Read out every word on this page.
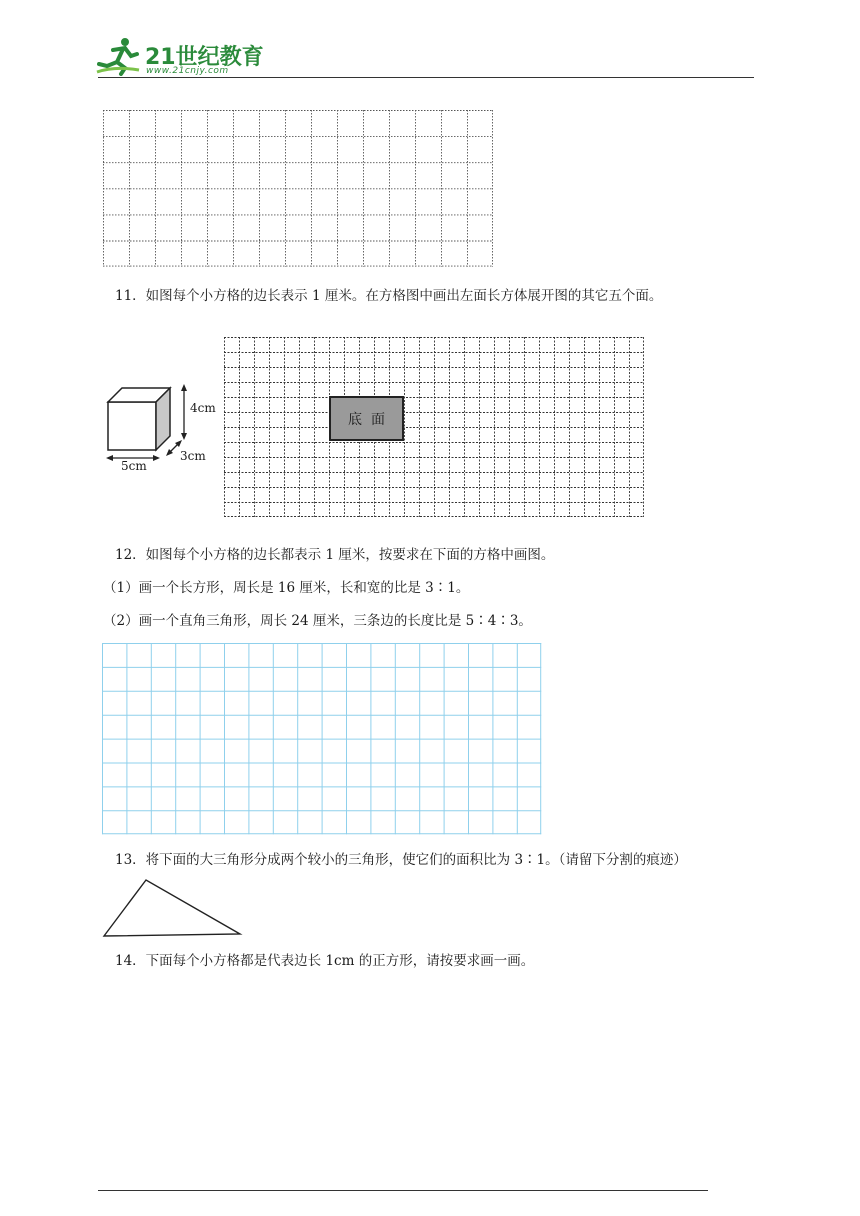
21世纪教育
www.21cnjy.com
11．如图每个小方格的边长表示 1 厘米。在方格图中画出左面长方体展开图的其它五个面。
4cm
5cm
3cm
底  面
12．如图每个小方格的边长都表示 1 厘米，按要求在下面的方格中画图。
（1）画一个长方形，周长是 16 厘米，长和宽的比是 3∶1。
（2）画一个直角三角形，周长 24 厘米，三条边的长度比是 5∶4∶3。
13．将下面的大三角形分成两个较小的三角形，使它们的面积比为 3∶1。（请留下分割的痕迹）
14．下面每个小方格都是代表边长 1cm 的正方形，请按要求画一画。
